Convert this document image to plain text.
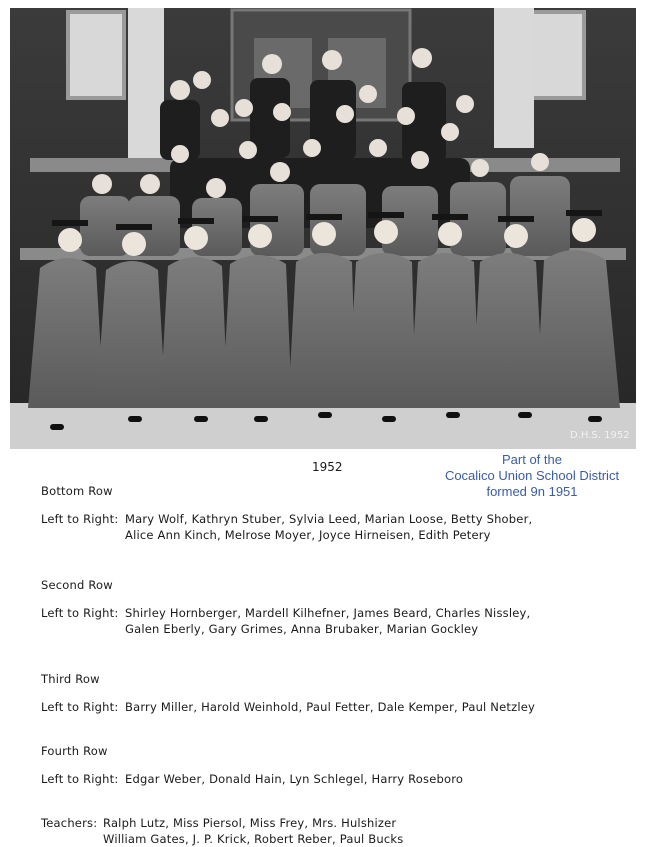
D.H.S. 1952
1952	Part of the
Cocalico Union School District
formed 9n 1951
Bottom Row
Left to Right: Mary Wolf, Kathryn Stuber, Sylvia Leed, Marian Loose, Betty Shober,
Alice Ann Kinch, Melrose Moyer, Joyce Hirneisen, Edith Petery
Second Row
Left to Right: Shirley Hornberger, Mardell Kilhefner, James Beard, Charles Nissley,
Galen Eberly, Gary Grimes, Anna Brubaker, Marian Gockley
Third Row
Left to Right: Barry Miller, Harold Weinhold, Paul Fetter, Dale Kemper, Paul Netzley
Fourth Row
Left to Right: Edgar Weber, Donald Hain, Lyn Schlegel, Harry Roseboro
Teachers: Ralph Lutz, Miss Piersol, Miss Frey, Mrs. Hulshizer
William Gates, J. P. Krick, Robert Reber, Paul Bucks
